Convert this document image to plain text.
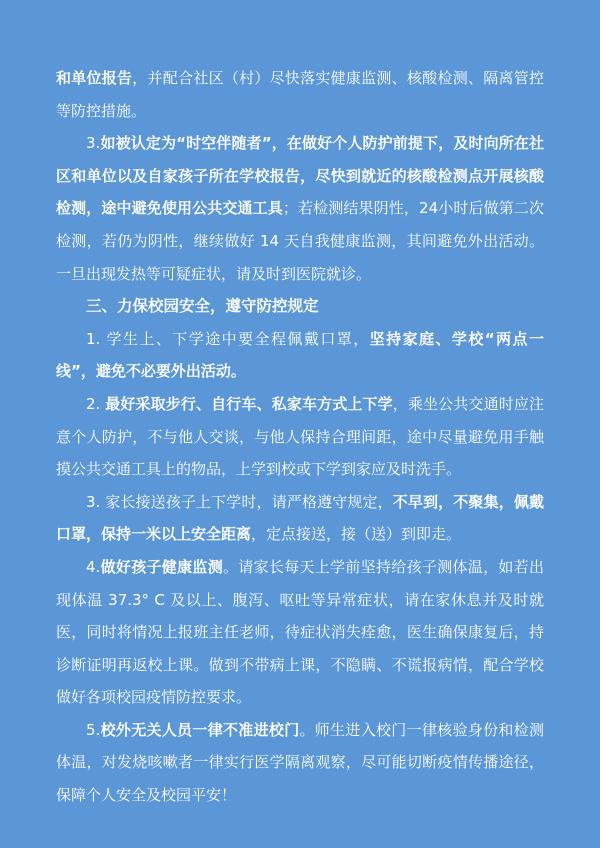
和单位报告，并配合社区（村）尽快落实健康监测、核酸检测、隔离管控等防控措施。

3.如被认定为“时空伴随者”，在做好个人防护前提下，及时向所在社区和单位以及自家孩子所在学校报告，尽快到就近的核酸检测点开展核酸检测，途中避免使用公共交通工具；若检测结果阴性，24小时后做第二次检测，若仍为阴性，继续做好 14 天自我健康监测，其间避免外出活动。一旦出现发热等可疑症状，请及时到医院就诊。

三、力保校园安全，遵守防控规定

1. 学生上、下学途中要全程佩戴口罩，坚持家庭、学校“两点一线”，避免不必要外出活动。

2. 最好采取步行、自行车、私家车方式上下学，乘坐公共交通时应注意个人防护，不与他人交谈，与他人保持合理间距，途中尽量避免用手触摸公共交通工具上的物品，上学到校或下学到家应及时洗手。

3. 家长接送孩子上下学时，请严格遵守规定，不早到，不聚集，佩戴口罩，保持一米以上安全距离，定点接送，接（送）到即走。

4.做好孩子健康监测。请家长每天上学前坚持给孩子测体温，如若出现体温 37.3° C 及以上、腹泻、呕吐等异常症状，请在家休息并及时就医，同时将情况上报班主任老师，待症状消失痊愈，医生确保康复后，持诊断证明再返校上课。做到不带病上课，不隐瞒、不谎报病情，配合学校做好各项校园疫情防控要求。

5.校外无关人员一律不准进校门。师生进入校门一律核验身份和检测体温，对发烧咳嗽者一律实行医学隔离观察，尽可能切断疫情传播途径，保障个人安全及校园平安！
